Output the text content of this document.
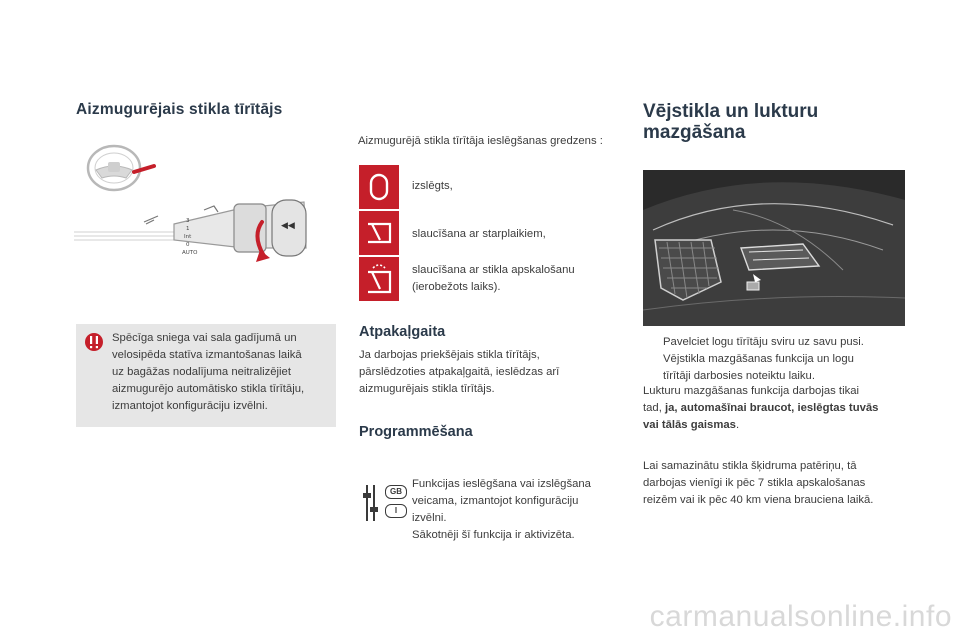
Aizmugurējais stikla tīrītājs
◀◀
3
1
Int
0
AUTO
Spēcīga sniega vai sala gadījumā un
velosipēda statīva izmantošanas laikā
uz bagāžas nodalījuma neitralizējiet
aizmugurējo automātisko stikla tīrītāju,
izmantojot konfigurāciju izvēlni.
Aizmugurējā stikla tīrītāja ieslēgšanas gredzens :
izslēgts,
slaucīšana ar starplaikiem,
slaucīšana ar stikla apskalošanu
(ierobežots laiks).
Atpakaļgaita
Ja darbojas priekšējais stikla tīrītājs,
pārslēdzoties atpakaļgaitā, ieslēdzas arī
aizmugurējais stikla tīrītājs.
Programmēšana
GB
I
Funkcijas ieslēgšana vai izslēgšana
veicama, izmantojot konfigurāciju
izvēlni.
Sākotnēji šī funkcija ir aktivizēta.
Vējstikla un lukturu
mazgāšana
Pavelciet logu tīrītāju sviru uz savu pusi.
Vējstikla mazgāšanas funkcija un logu
tīrītāji darbosies noteiktu laiku.
Lukturu mazgāšanas funkcija darbojas tikai
tad, ja, automašīnai braucot, ieslēgtas tuvās
vai tālās gaismas.
Lai samazinātu stikla šķidruma patēriņu, tā
darbojas vienīgi ik pēc 7 stikla apskalošanas
reizēm vai ik pēc 40 km viena brauciena laikā.
carmanualsonline.info
